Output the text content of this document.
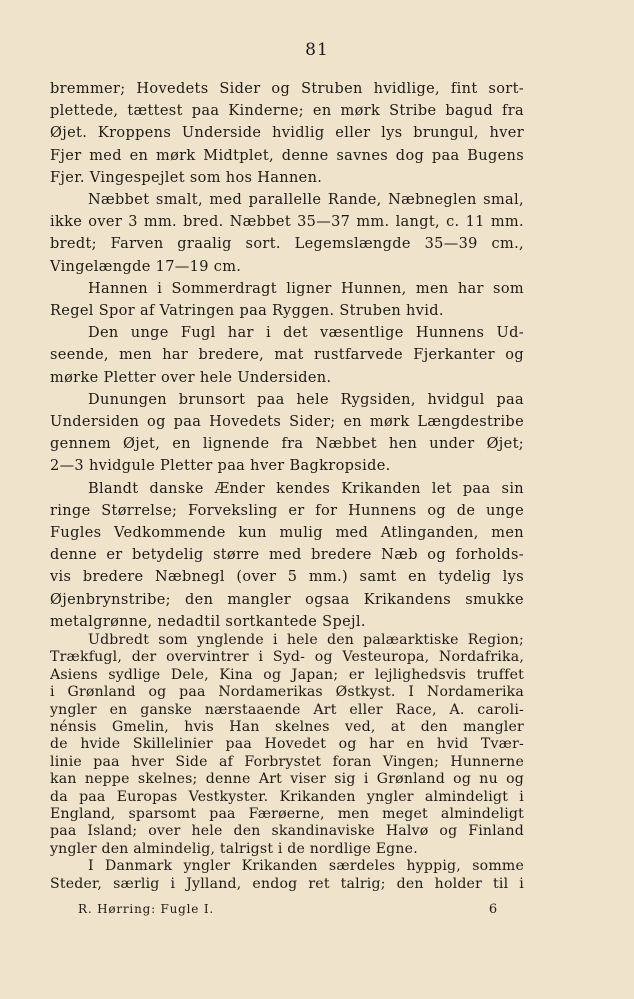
81

bremmer; Hovedets Sider og Struben hvidlige, fint sort-
plettede, tættest paa Kinderne; en mørk Stribe bagud fra
Øjet. Kroppens Underside hvidlig eller lys brungul, hver
Fjer med en mørk Midtplet, denne savnes dog paa Bugens
Fjer. Vingespejlet som hos Hannen.

Næbbet smalt, med parallelle Rande, Næbneglen smal,
ikke over 3 mm. bred. Næbbet 35—37 mm. langt, c. 11 mm.
bredt; Farven graalig sort. Legemslængde 35—39 cm.,
Vingelængde 17—19 cm.

Hannen i Sommerdragt ligner Hunnen, men har som
Regel Spor af Vatringen paa Ryggen. Struben hvid.

Den unge Fugl har i det væsentlige Hunnens Ud-
seende, men har bredere, mat rustfarvede Fjerkanter og
mørke Pletter over hele Undersiden.

Dunungen brunsort paa hele Rygsiden, hvidgul paa
Undersiden og paa Hovedets Sider; en mørk Længdestribe
gennem Øjet, en lignende fra Næbbet hen under Øjet;
2—3 hvidgule Pletter paa hver Bagkropside.

Blandt danske Ænder kendes Krikanden let paa sin
ringe Størrelse; Forveksling er for Hunnens og de unge
Fugles Vedkommende kun mulig med Atlinganden, men
denne er betydelig større med bredere Næb og forholds-
vis bredere Næbnegl (over 5 mm.) samt en tydelig lys
Øjenbrynstribe; den mangler ogsaa Krikandens smukke
metalgrønne, nedadtil sortkantede Spejl.

Udbredt som ynglende i hele den palæarktiske Region;
Trækfugl, der overvintrer i Syd- og Vesteuropa, Nordafrika,
Asiens sydlige Dele, Kina og Japan; er lejlighedsvis truffet
i Grønland og paa Nordamerikas Østkyst. I Nordamerika
yngler en ganske nærstaaende Art eller Race, A. caroli-
nénsis Gmelin, hvis Han skelnes ved, at den mangler
de hvide Skillelinier paa Hovedet og har en hvid Tvær-
linie paa hver Side af Forbrystet foran Vingen; Hunnerne
kan neppe skelnes; denne Art viser sig i Grønland og nu og
da paa Europas Vestkyster. Krikanden yngler almindeligt i
England, sparsomt paa Færøerne, men meget almindeligt
paa Island; over hele den skandinaviske Halvø og Finland
yngler den almindelig, talrigst i de nordlige Egne.

I Danmark yngler Krikanden særdeles hyppig, somme
Steder, særlig i Jylland, endog ret talrig; den holder til i

R. Hørring: Fugle I.	6
